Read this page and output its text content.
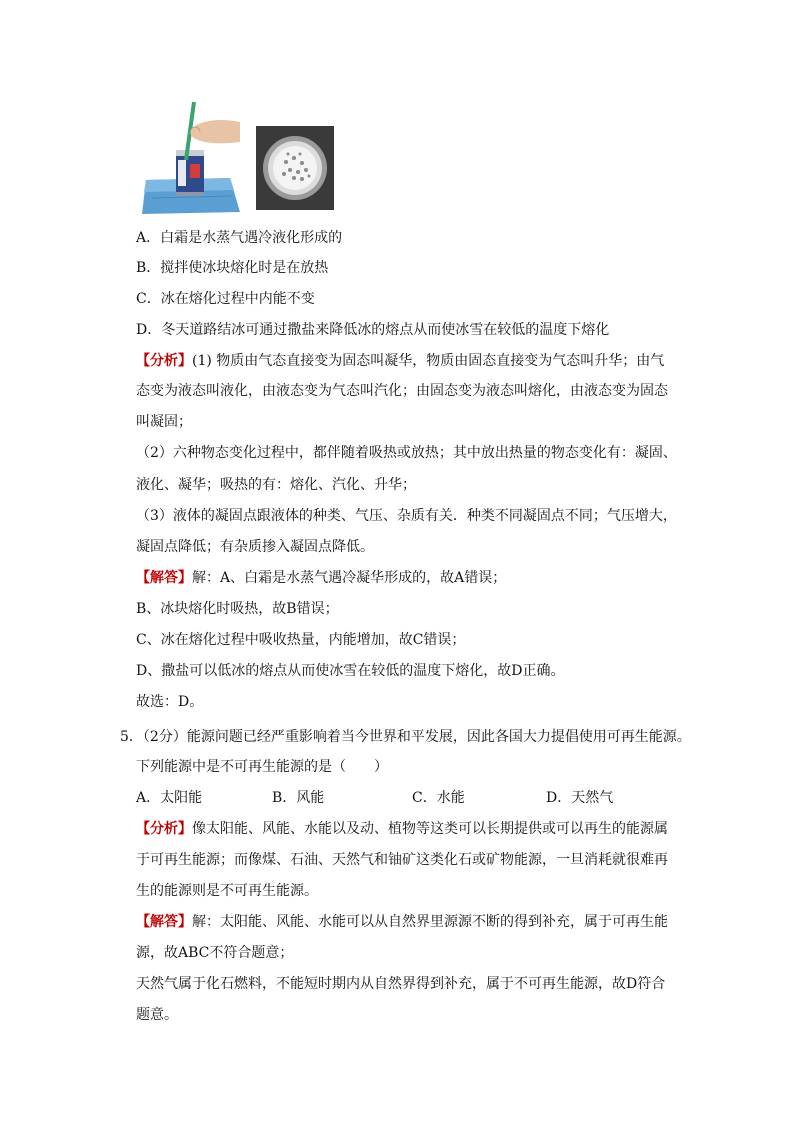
A．白霜是水蒸气遇冷液化形成的
B．搅拌使冰块熔化时是在放热
C．冰在熔化过程中内能不变
D．冬天道路结冰可通过撒盐来降低冰的熔点从而使冰雪在较低的温度下熔化
【分析】(1) 物质由气态直接变为固态叫凝华，物质由固态直接变为气态叫升华；由气
态变为液态叫液化，由液态变为气态叫汽化；由固态变为液态叫熔化，由液态变为固态
叫凝固；
（2）六种物态变化过程中，都伴随着吸热或放热；其中放出热量的物态变化有：凝固、
液化、凝华；吸热的有：熔化、汽化、升华；
（3）液体的凝固点跟液体的种类、气压、杂质有关．种类不同凝固点不同；气压增大，
凝固点降低；有杂质掺入凝固点降低。
【解答】解：A、白霜是水蒸气遇冷凝华形成的，故A错误；
B、冰块熔化时吸热，故B错误；
C、冰在熔化过程中吸收热量，内能增加，故C错误；
D、撒盐可以低冰的熔点从而使冰雪在较低的温度下熔化，故D正确。
故选：D。
5．（2分）能源问题已经严重影响着当今世界和平发展，因此各国大力提倡使用可再生能源。
下列能源中是不可再生能源的是（　　）
A．太阳能	B．风能	C．水能	D．天然气
【分析】像太阳能、风能、水能以及动、植物等这类可以长期提供或可以再生的能源属
于可再生能源；而像煤、石油、天然气和铀矿这类化石或矿物能源，一旦消耗就很难再
生的能源则是不可再生能源。
【解答】解：太阳能、风能、水能可以从自然界里源源不断的得到补充，属于可再生能
源，故ABC不符合题意；
天然气属于化石燃料，不能短时期内从自然界得到补充，属于不可再生能源，故D符合
题意。
